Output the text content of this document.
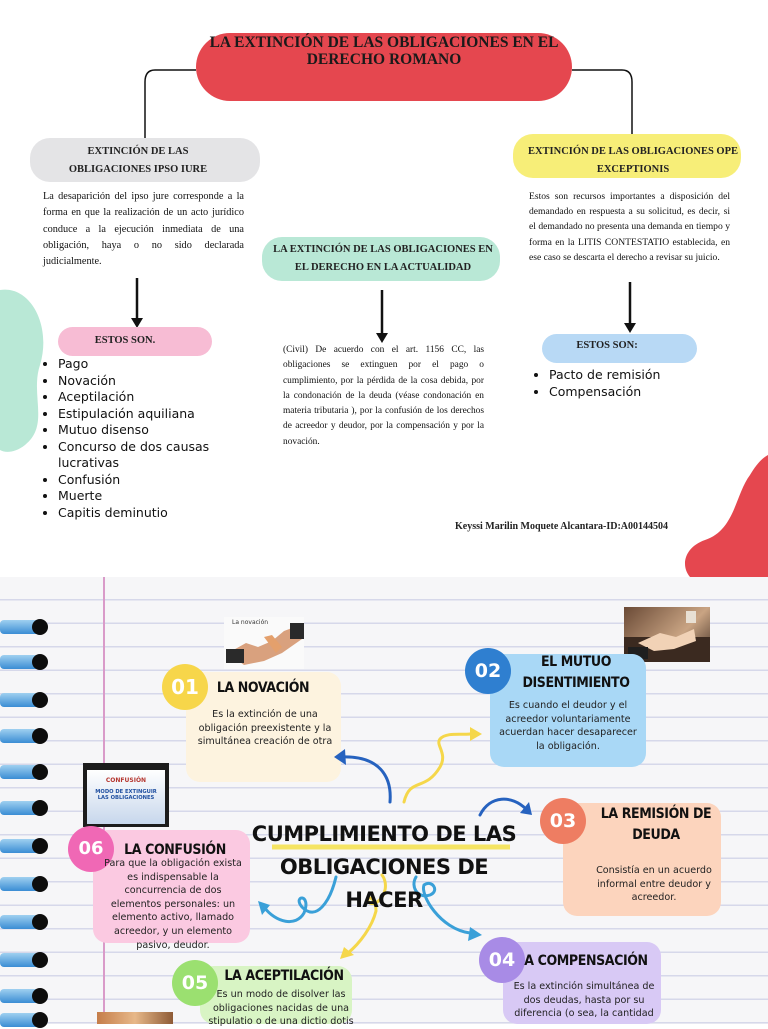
LA EXTINCIÓN DE LAS OBLIGACIONES EN EL DERECHO ROMANO
EXTINCIÓN DE LAS OBLIGACIONES IPSO IURE
La desaparición del ipso jure corresponde a la forma en que la realización de un acto jurídico conduce a la ejecución inmediata de una obligación, haya o no sido declarada judicialmente.
ESTOS SON.
• Pago
• Novación
• Aceptilación
• Estipulación aquiliana
• Mutuo disenso
• Concurso de dos causas lucrativas
• Confusión
• Muerte
• Capitis deminutio
LA EXTINCIÓN DE LAS OBLIGACIONES EN EL DERECHO EN LA ACTUALIDAD
(Civil) De acuerdo con el art. 1156 CC, las obligaciones se extinguen por el pago o cumplimiento, por la pérdida de la cosa debida, por la condonación de la deuda (véase condonación en materia tributaria ), por la confusión de los derechos de acreedor y deudor, por la compensación y por la novación.
EXTINCIÓN DE LAS OBLIGACIONES OPE EXCEPTIONIS
Estos son recursos importantes a disposición del demandado en respuesta a su solicitud, es decir, si el demandado no presenta una demanda en tiempo y forma en la LITIS CONTESTATIO establecida, en ese caso se descarta el derecho a revisar su juicio.
ESTOS SON:
• Pacto de remisión
• Compensación
Keyssi Marilin Moquete Alcantara-ID:A00144504
La novación
CONFUSIÓN
MODO DE EXTINGUIR LAS OBLIGACIONES
01	LA NOVACIÓN
Es la extinción de una obligación preexistente y la simultánea creación de otra
02	EL MUTUO DISENTIMIENTO
Es cuando el deudor y el acreedor voluntariamente acuerdan hacer desaparecer la obligación.
03	LA REMISIÓN DE DEUDA
Consistía en un acuerdo informal entre deudor y acreedor.
04 A COMPENSACIÓN
Es la extinción simultánea de dos deudas, hasta por su diferencia (o sea, la cantidad
05	LA ACEPTILACIÓN
Es un modo de disolver las obligaciones nacidas de una stipulatio o de una dictio dotis
06	LA CONFUSIÓN
Para que la obligación exista es indispensable la concurrencia de dos elementos personales: un elemento activo, llamado acreedor, y un elemento pasivo, deudor.
CUMPLIMIENTO DE LAS OBLIGACIONES DE HACER
